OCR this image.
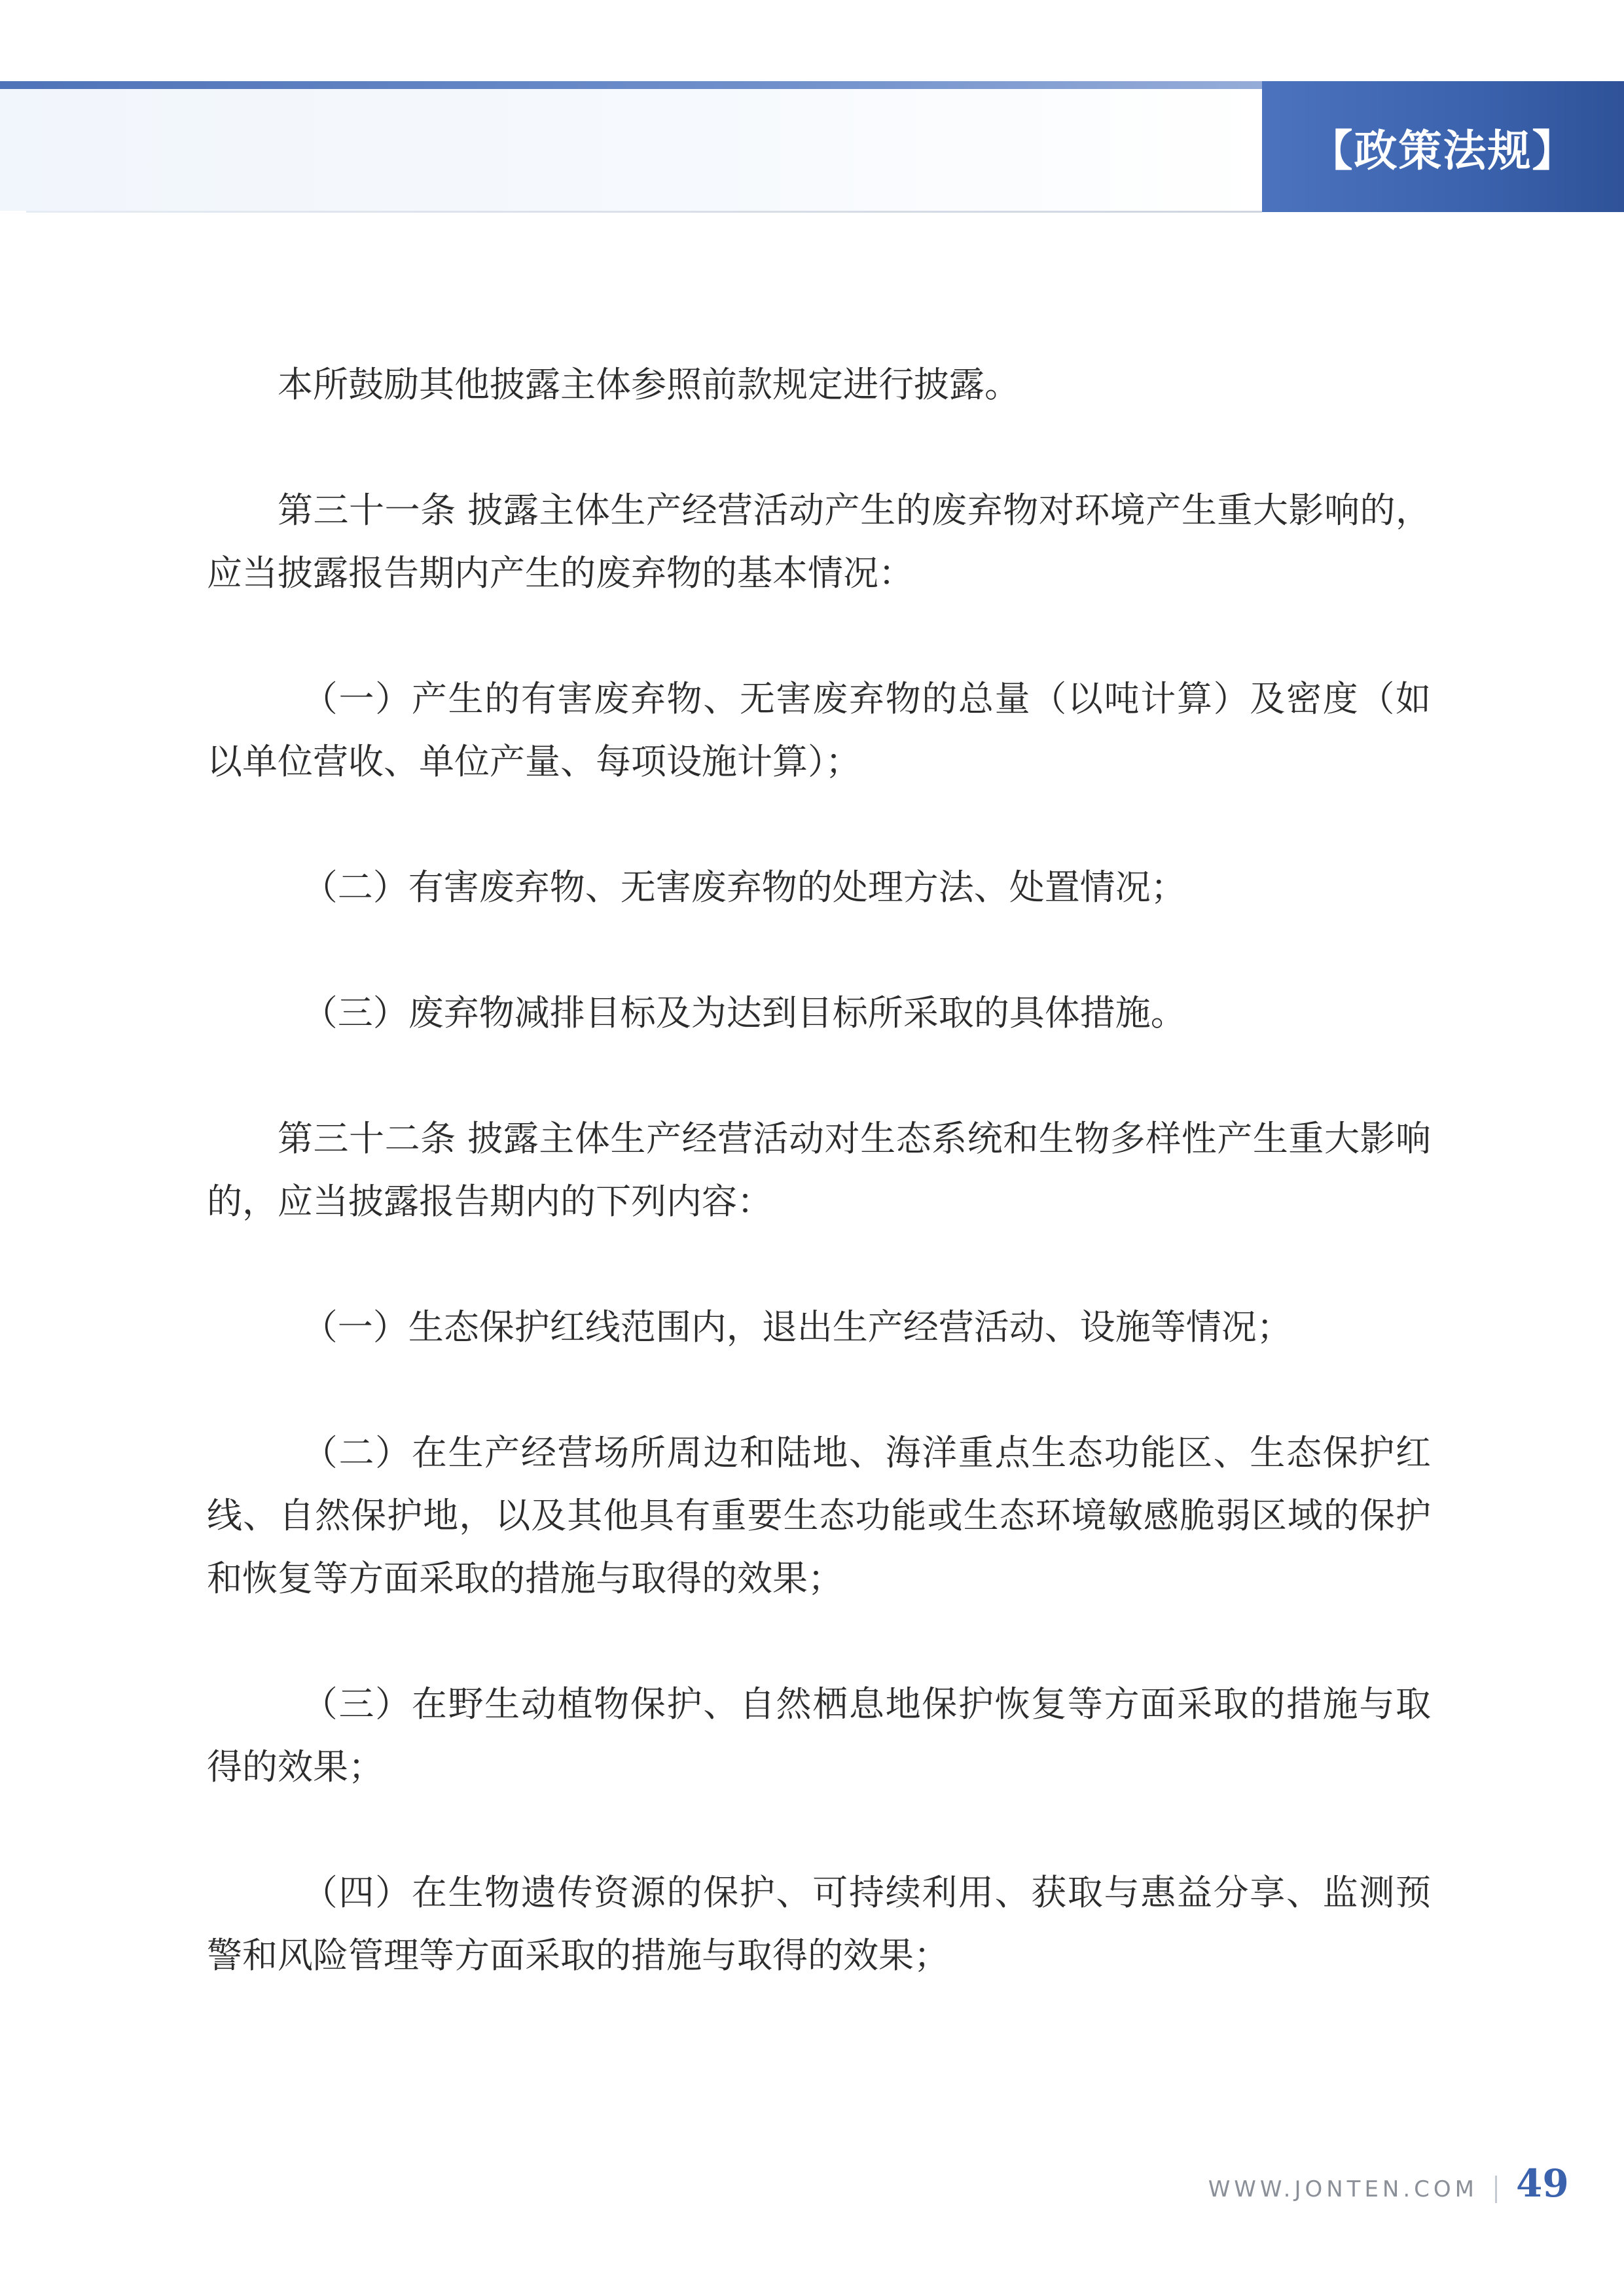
【政策法规】

本所鼓励其他披露主体参照前款规定进行披露。

第三十一条 披露主体生产经营活动产生的废弃物对环境产生重大影响的，应当披露报告期内产生的废弃物的基本情况：

（一）产生的有害废弃物、无害废弃物的总量（以吨计算）及密度（如以单位营收、单位产量、每项设施计算）；

（二）有害废弃物、无害废弃物的处理方法、处置情况；

（三）废弃物减排目标及为达到目标所采取的具体措施。

第三十二条 披露主体生产经营活动对生态系统和生物多样性产生重大影响的，应当披露报告期内的下列内容：

（一）生态保护红线范围内，退出生产经营活动、设施等情况；

（二）在生产经营场所周边和陆地、海洋重点生态功能区、生态保护红线、自然保护地，以及其他具有重要生态功能或生态环境敏感脆弱区域的保护和恢复等方面采取的措施与取得的效果；

（三）在野生动植物保护、自然栖息地保护恢复等方面采取的措施与取得的效果；

（四）在生物遗传资源的保护、可持续利用、获取与惠益分享、监测预警和风险管理等方面采取的措施与取得的效果；

WWW.JONTEN.COM 49
